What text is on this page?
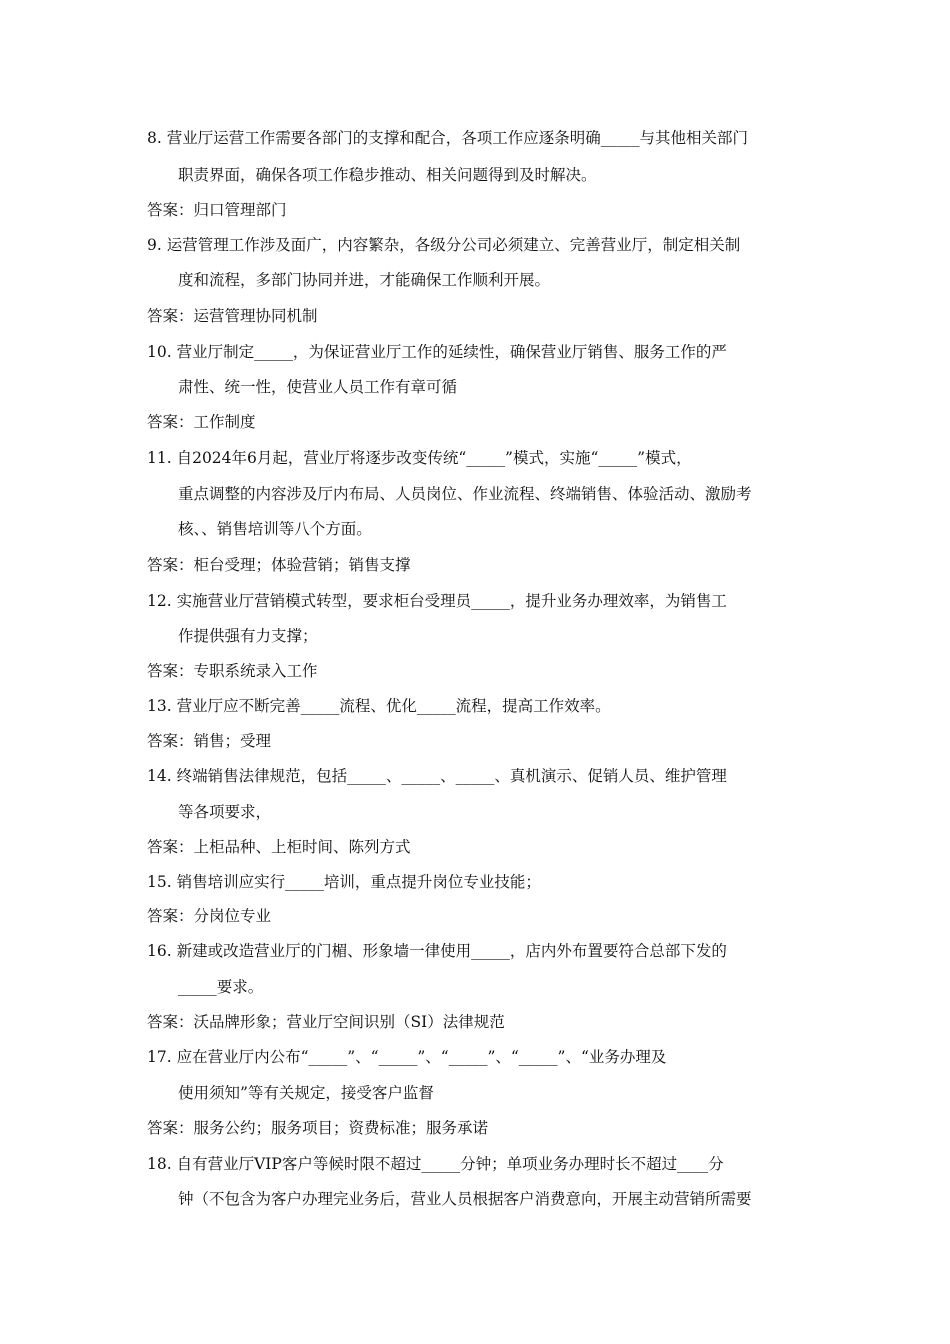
8. 营业厅运营工作需要各部门的支撑和配合，各项工作应逐条明确_____与其他相关部门
职责界面，确保各项工作稳步推动、相关问题得到及时解决。
答案：归口管理部门
9. 运营管理工作涉及面广，内容繁杂，各级分公司必须建立、完善营业厅，制定相关制
度和流程，多部门协同并进，才能确保工作顺利开展。
答案：运营管理协同机制
10. 营业厅制定_____，为保证营业厅工作的延续性，确保营业厅销售、服务工作的严
肃性、统一性，使营业人员工作有章可循
答案：工作制度
11. 自2024年6月起，营业厅将逐步改变传统“_____”模式，实施“_____”模式，
重点调整的内容涉及厅内布局、人员岗位、作业流程、终端销售、体验活动、激励考
核、、销售培训等八个方面。
答案：柜台受理；体验营销；销售支撑
12. 实施营业厅营销模式转型，要求柜台受理员_____，提升业务办理效率，为销售工
作提供强有力支撑；
答案：专职系统录入工作
13. 营业厅应不断完善_____流程、优化_____流程，提高工作效率。
答案：销售；受理
14. 终端销售法律规范，包括_____、_____、_____、真机演示、促销人员、维护管理
等各项要求，
答案：上柜品种、上柜时间、陈列方式
15. 销售培训应实行_____培训，重点提升岗位专业技能；
答案：分岗位专业
16. 新建或改造营业厅的门楣、形象墙一律使用_____，店内外布置要符合总部下发的
_____要求。
答案：沃品牌形象；营业厅空间识别（SI）法律规范
17. 应在营业厅内公布“_____”、“_____”、“_____”、“_____”、“业务办理及
使用须知”等有关规定，接受客户监督
答案：服务公约；服务项目；资费标准；服务承诺
18. 自有营业厅VIP客户等候时限不超过_____分钟；单项业务办理时长不超过____分
钟（不包含为客户办理完业务后，营业人员根据客户消费意向，开展主动营销所需要
